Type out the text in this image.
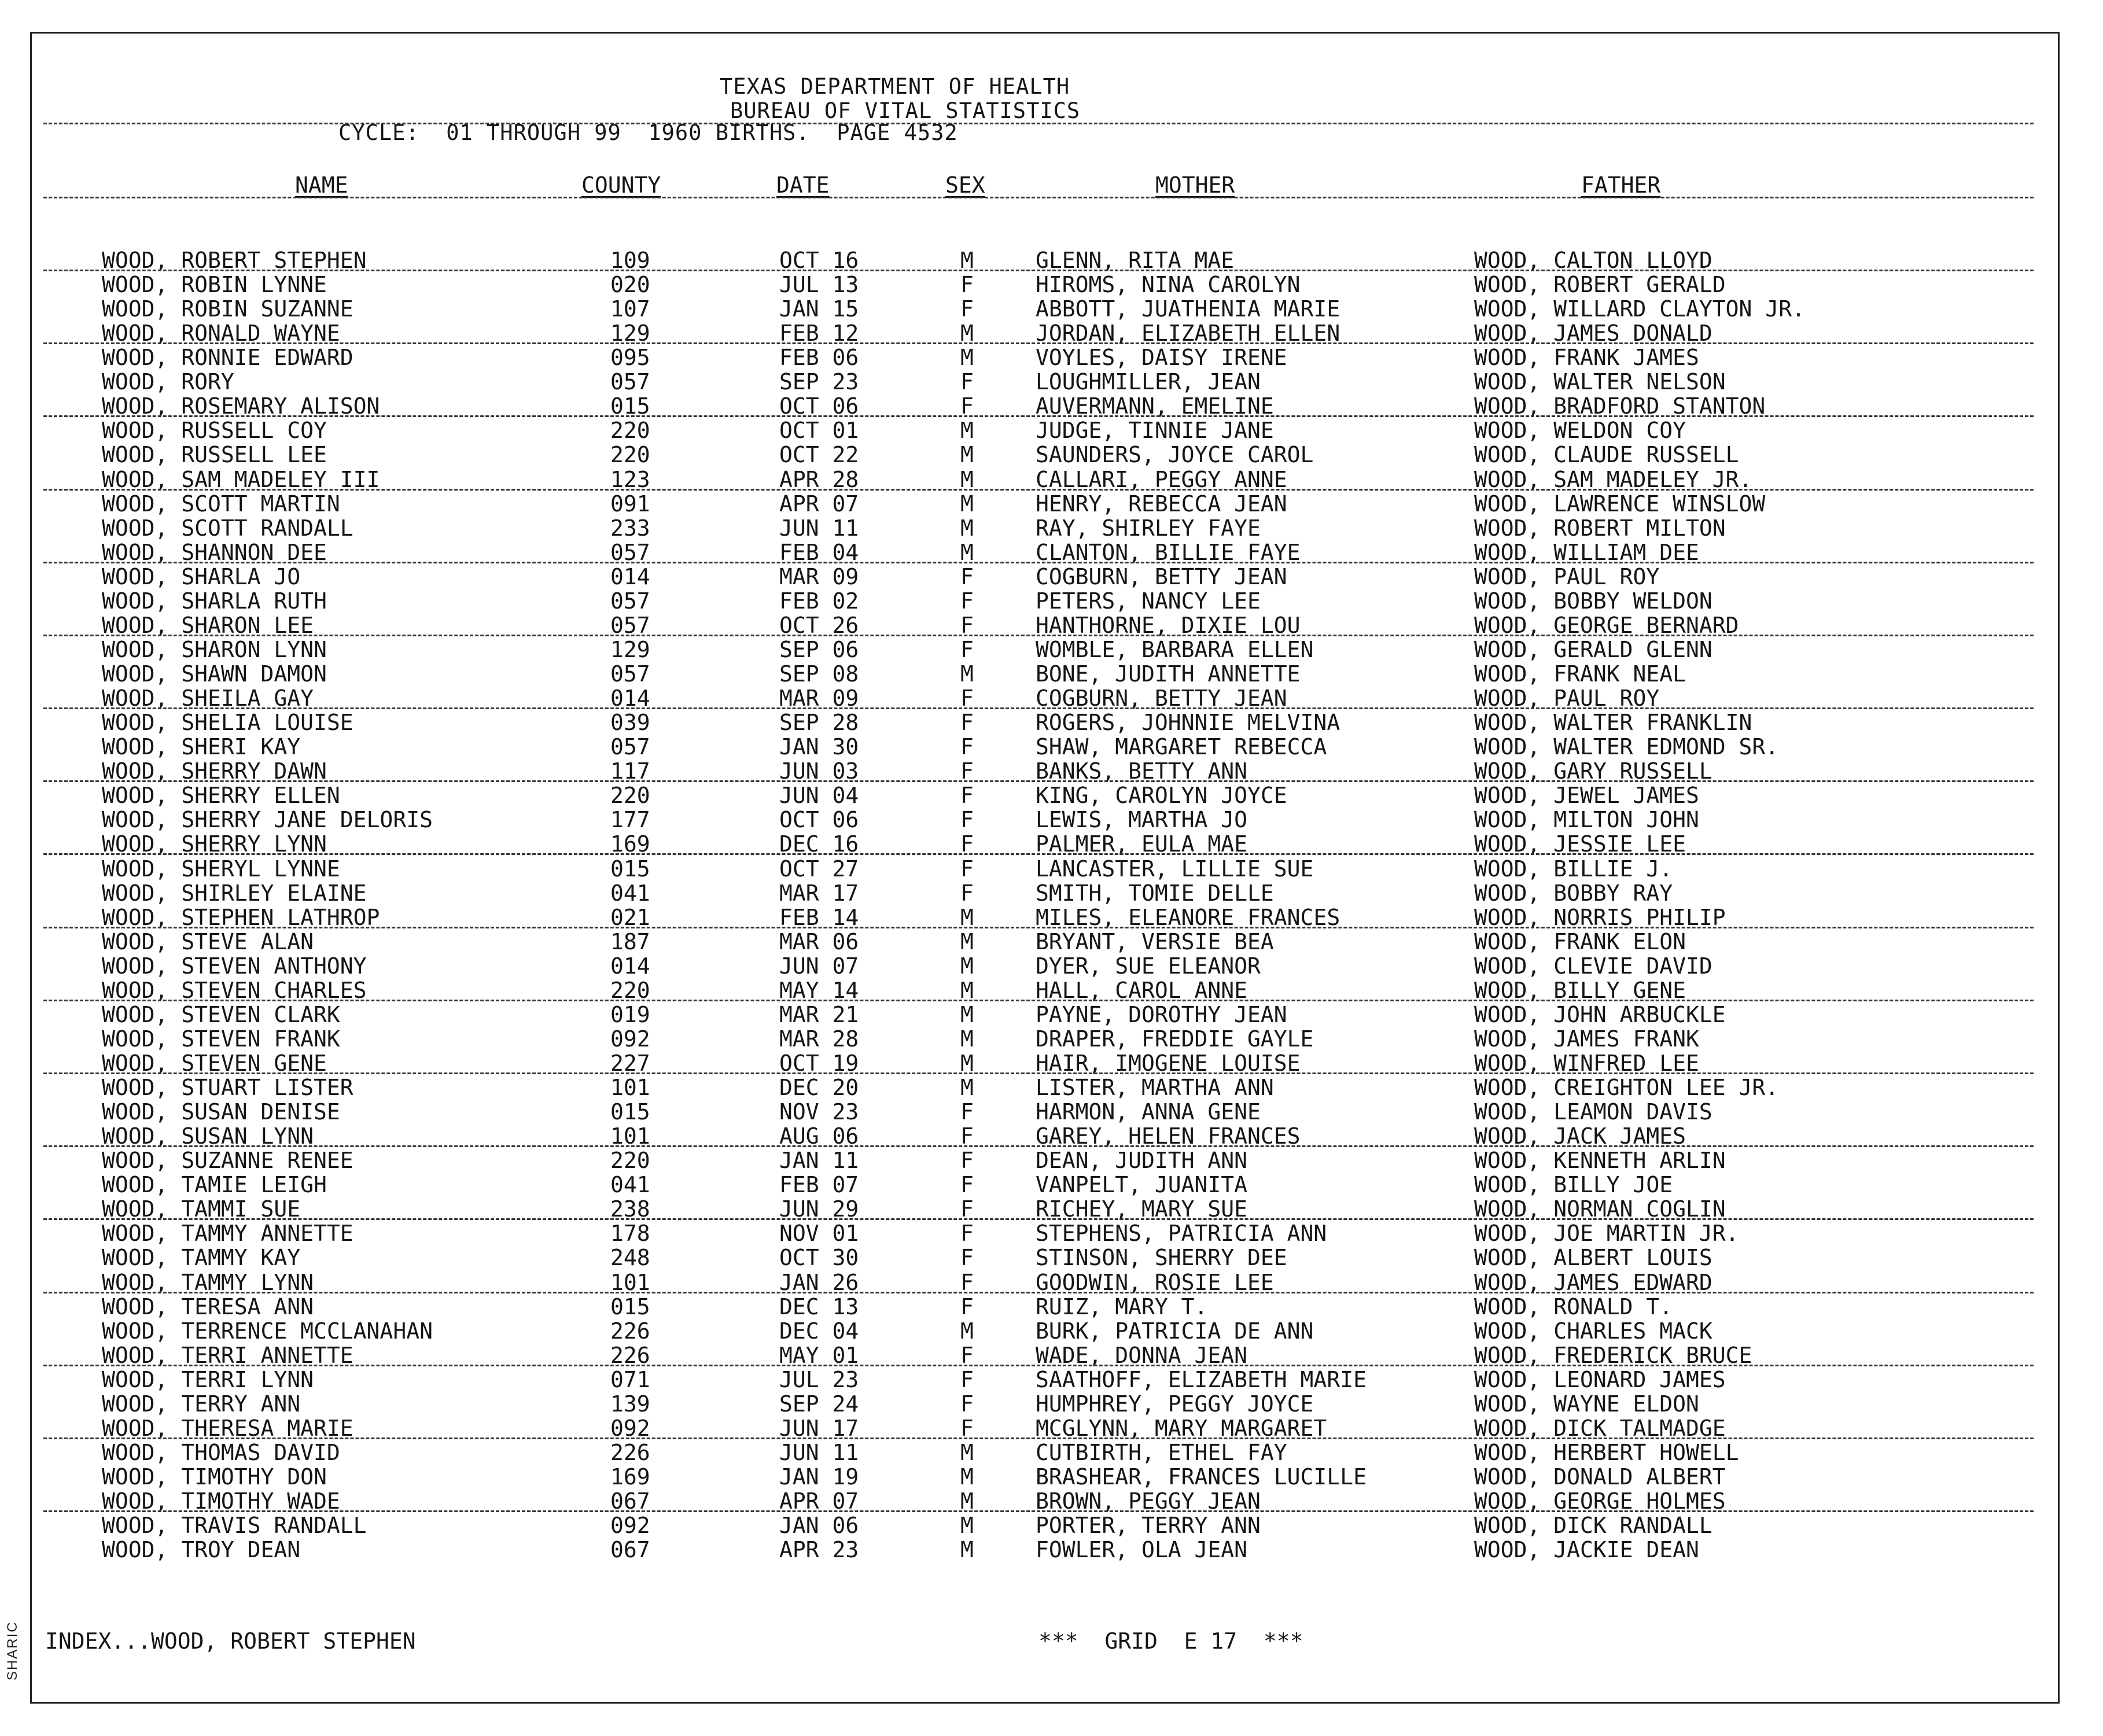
SHARIC
TEXAS DEPARTMENT OF HEALTH
BUREAU OF VITAL STATISTICS
CYCLE:  01 THROUGH 99  1960 BIRTHS.  PAGE 4532
NAME	COUNTY	DATE	SEX	MOTHER	FATHER
WOOD, ROBERT STEPHEN	109	OCT 16	M	GLENN, RITA MAE	WOOD, CALTON LLOYD
WOOD, ROBIN LYNNE	020	JUL 13	F	HIROMS, NINA CAROLYN	WOOD, ROBERT GERALD
WOOD, ROBIN SUZANNE	107	JAN 15	F	ABBOTT, JUATHENIA MARIE	WOOD, WILLARD CLAYTON JR.
WOOD, RONALD WAYNE	129	FEB 12	M	JORDAN, ELIZABETH ELLEN	WOOD, JAMES DONALD
WOOD, RONNIE EDWARD	095	FEB 06	M	VOYLES, DAISY IRENE	WOOD, FRANK JAMES
WOOD, RORY	057	SEP 23	F	LOUGHMILLER, JEAN	WOOD, WALTER NELSON
WOOD, ROSEMARY ALISON	015	OCT 06	F	AUVERMANN, EMELINE	WOOD, BRADFORD STANTON
WOOD, RUSSELL COY	220	OCT 01	M	JUDGE, TINNIE JANE	WOOD, WELDON COY
WOOD, RUSSELL LEE	220	OCT 22	M	SAUNDERS, JOYCE CAROL	WOOD, CLAUDE RUSSELL
WOOD, SAM MADELEY III	123	APR 28	M	CALLARI, PEGGY ANNE	WOOD, SAM MADELEY JR.
WOOD, SCOTT MARTIN	091	APR 07	M	HENRY, REBECCA JEAN	WOOD, LAWRENCE WINSLOW
WOOD, SCOTT RANDALL	233	JUN 11	M	RAY, SHIRLEY FAYE	WOOD, ROBERT MILTON
WOOD, SHANNON DEE	057	FEB 04	M	CLANTON, BILLIE FAYE	WOOD, WILLIAM DEE
WOOD, SHARLA JO	014	MAR 09	F	COGBURN, BETTY JEAN	WOOD, PAUL ROY
WOOD, SHARLA RUTH	057	FEB 02	F	PETERS, NANCY LEE	WOOD, BOBBY WELDON
WOOD, SHARON LEE	057	OCT 26	F	HANTHORNE, DIXIE LOU	WOOD, GEORGE BERNARD
WOOD, SHARON LYNN	129	SEP 06	F	WOMBLE, BARBARA ELLEN	WOOD, GERALD GLENN
WOOD, SHAWN DAMON	057	SEP 08	M	BONE, JUDITH ANNETTE	WOOD, FRANK NEAL
WOOD, SHEILA GAY	014	MAR 09	F	COGBURN, BETTY JEAN	WOOD, PAUL ROY
WOOD, SHELIA LOUISE	039	SEP 28	F	ROGERS, JOHNNIE MELVINA	WOOD, WALTER FRANKLIN
WOOD, SHERI KAY	057	JAN 30	F	SHAW, MARGARET REBECCA	WOOD, WALTER EDMOND SR.
WOOD, SHERRY DAWN	117	JUN 03	F	BANKS, BETTY ANN	WOOD, GARY RUSSELL
WOOD, SHERRY ELLEN	220	JUN 04	F	KING, CAROLYN JOYCE	WOOD, JEWEL JAMES
WOOD, SHERRY JANE DELORIS	177	OCT 06	F	LEWIS, MARTHA JO	WOOD, MILTON JOHN
WOOD, SHERRY LYNN	169	DEC 16	F	PALMER, EULA MAE	WOOD, JESSIE LEE
WOOD, SHERYL LYNNE	015	OCT 27	F	LANCASTER, LILLIE SUE	WOOD, BILLIE J.
WOOD, SHIRLEY ELAINE	041	MAR 17	F	SMITH, TOMIE DELLE	WOOD, BOBBY RAY
WOOD, STEPHEN LATHROP	021	FEB 14	M	MILES, ELEANORE FRANCES	WOOD, NORRIS PHILIP
WOOD, STEVE ALAN	187	MAR 06	M	BRYANT, VERSIE BEA	WOOD, FRANK ELON
WOOD, STEVEN ANTHONY	014	JUN 07	M	DYER, SUE ELEANOR	WOOD, CLEVIE DAVID
WOOD, STEVEN CHARLES	220	MAY 14	M	HALL, CAROL ANNE	WOOD, BILLY GENE
WOOD, STEVEN CLARK	019	MAR 21	M	PAYNE, DOROTHY JEAN	WOOD, JOHN ARBUCKLE
WOOD, STEVEN FRANK	092	MAR 28	M	DRAPER, FREDDIE GAYLE	WOOD, JAMES FRANK
WOOD, STEVEN GENE	227	OCT 19	M	HAIR, IMOGENE LOUISE	WOOD, WINFRED LEE
WOOD, STUART LISTER	101	DEC 20	M	LISTER, MARTHA ANN	WOOD, CREIGHTON LEE JR.
WOOD, SUSAN DENISE	015	NOV 23	F	HARMON, ANNA GENE	WOOD, LEAMON DAVIS
WOOD, SUSAN LYNN	101	AUG 06	F	GAREY, HELEN FRANCES	WOOD, JACK JAMES
WOOD, SUZANNE RENEE	220	JAN 11	F	DEAN, JUDITH ANN	WOOD, KENNETH ARLIN
WOOD, TAMIE LEIGH	041	FEB 07	F	VANPELT, JUANITA	WOOD, BILLY JOE
WOOD, TAMMI SUE	238	JUN 29	F	RICHEY, MARY SUE	WOOD, NORMAN COGLIN
WOOD, TAMMY ANNETTE	178	NOV 01	F	STEPHENS, PATRICIA ANN	WOOD, JOE MARTIN JR.
WOOD, TAMMY KAY	248	OCT 30	F	STINSON, SHERRY DEE	WOOD, ALBERT LOUIS
WOOD, TAMMY LYNN	101	JAN 26	F	GOODWIN, ROSIE LEE	WOOD, JAMES EDWARD
WOOD, TERESA ANN	015	DEC 13	F	RUIZ, MARY T.	WOOD, RONALD T.
WOOD, TERRENCE MCCLANAHAN	226	DEC 04	M	BURK, PATRICIA DE ANN	WOOD, CHARLES MACK
WOOD, TERRI ANNETTE	226	MAY 01	F	WADE, DONNA JEAN	WOOD, FREDERICK BRUCE
WOOD, TERRI LYNN	071	JUL 23	F	SAATHOFF, ELIZABETH MARIE	WOOD, LEONARD JAMES
WOOD, TERRY ANN	139	SEP 24	F	HUMPHREY, PEGGY JOYCE	WOOD, WAYNE ELDON
WOOD, THERESA MARIE	092	JUN 17	F	MCGLYNN, MARY MARGARET	WOOD, DICK TALMADGE
WOOD, THOMAS DAVID	226	JUN 11	M	CUTBIRTH, ETHEL FAY	WOOD, HERBERT HOWELL
WOOD, TIMOTHY DON	169	JAN 19	M	BRASHEAR, FRANCES LUCILLE	WOOD, DONALD ALBERT
WOOD, TIMOTHY WADE	067	APR 07	M	BROWN, PEGGY JEAN	WOOD, GEORGE HOLMES
WOOD, TRAVIS RANDALL	092	JAN 06	M	PORTER, TERRY ANN	WOOD, DICK RANDALL
WOOD, TROY DEAN	067	APR 23	M	FOWLER, OLA JEAN	WOOD, JACKIE DEAN
INDEX...WOOD, ROBERT STEPHEN	***  GRID  E 17  ***
